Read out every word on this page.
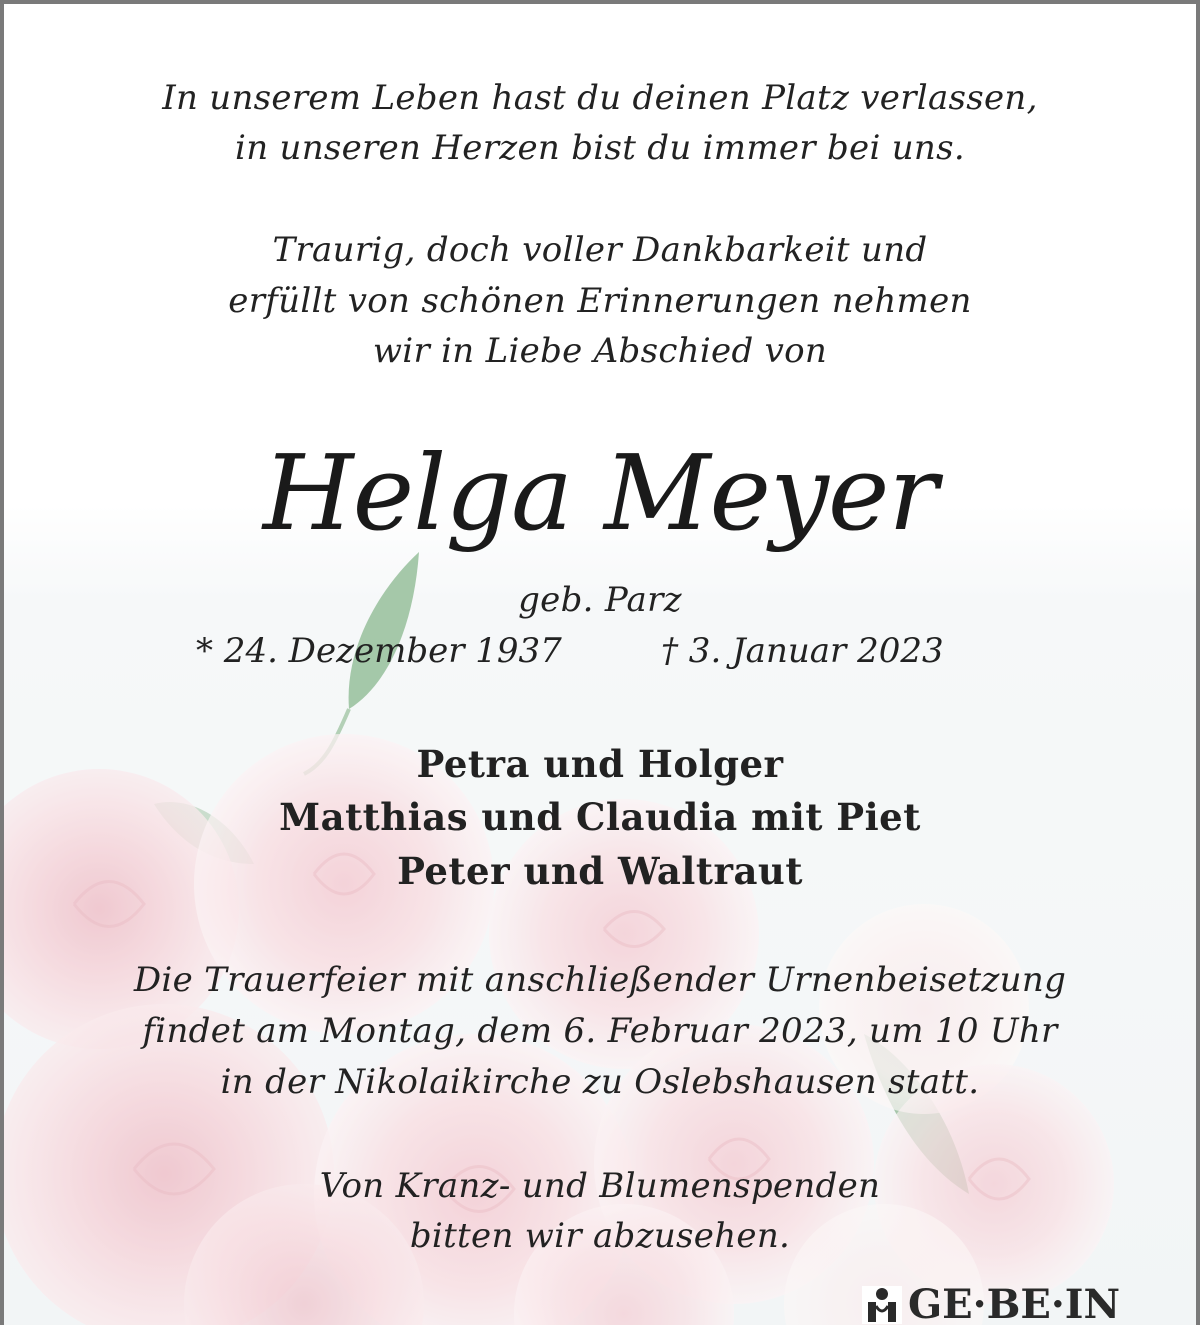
In unserem Leben hast du deinen Platz verlassen,
in unseren Herzen bist du immer bei uns.
Traurig, doch voller Dankbarkeit und
erfüllt von schönen Erinnerungen nehmen
wir in Liebe Abschied von
Helga Meyer
geb. Parz
* 24. Dezember 1937	† 3. Januar 2023
Petra und Holger
Matthias und Claudia mit Piet
Peter und Waltraut
Die Trauerfeier mit anschließender Urnenbeisetzung
findet am Montag, dem 6. Februar 2023, um 10 Uhr
in der Nikolaikirche zu Oslebshausen statt.
Von Kranz- und Blumenspenden
bitten wir abzusehen.
GE·BE·IN
